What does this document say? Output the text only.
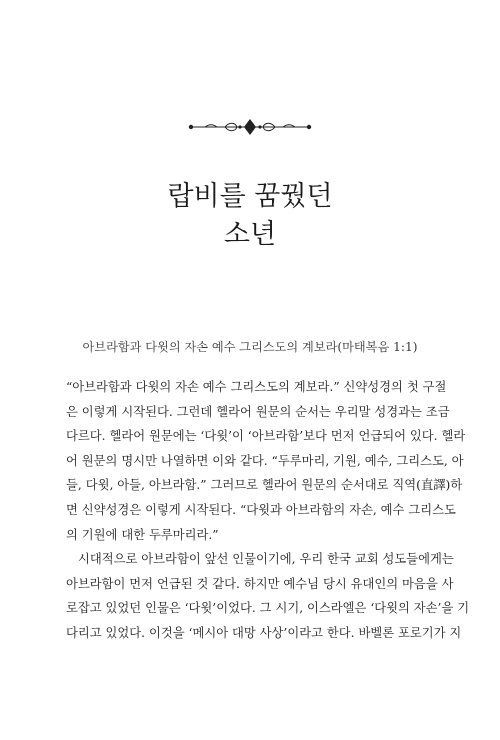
랍비를 꿈꿨던
소년
아브라함과 다윗의 자손 예수 그리스도의 계보라(마태복음 1:1)
“아브라함과 다윗의 자손 예수 그리스도의 계보라.” 신약성경의 첫 구절
은 이렇게 시작된다. 그런데 헬라어 원문의 순서는 우리말 성경과는 조금
다르다. 헬라어 원문에는 ‘다윗’이 ‘아브라함’보다 먼저 언급되어 있다. 헬라
어 원문의 명시만 나열하면 이와 같다. “두루마리, 기원, 예수, 그리스도, 아
들, 다윗, 아들, 아브라함.” 그러므로 헬라어 원문의 순서대로 직역(直譯)하
면 신약성경은 이렇게 시작된다. “다윗과 아브라함의 자손, 예수 그리스도
의 기원에 대한 두루마리라.”
시대적으로 아브라함이 앞선 인물이기에, 우리 한국 교회 성도들에게는
아브라함이 먼저 언급된 것 같다. 하지만 예수님 당시 유대인의 마음을 사
로잡고 있었던 인물은 ‘다윗’이었다. 그 시기, 이스라엘은 ‘다윗의 자손’을 기
다리고 있었다. 이것을 ‘메시아 대망 사상’이라고 한다. 바벨론 포로기가 지
